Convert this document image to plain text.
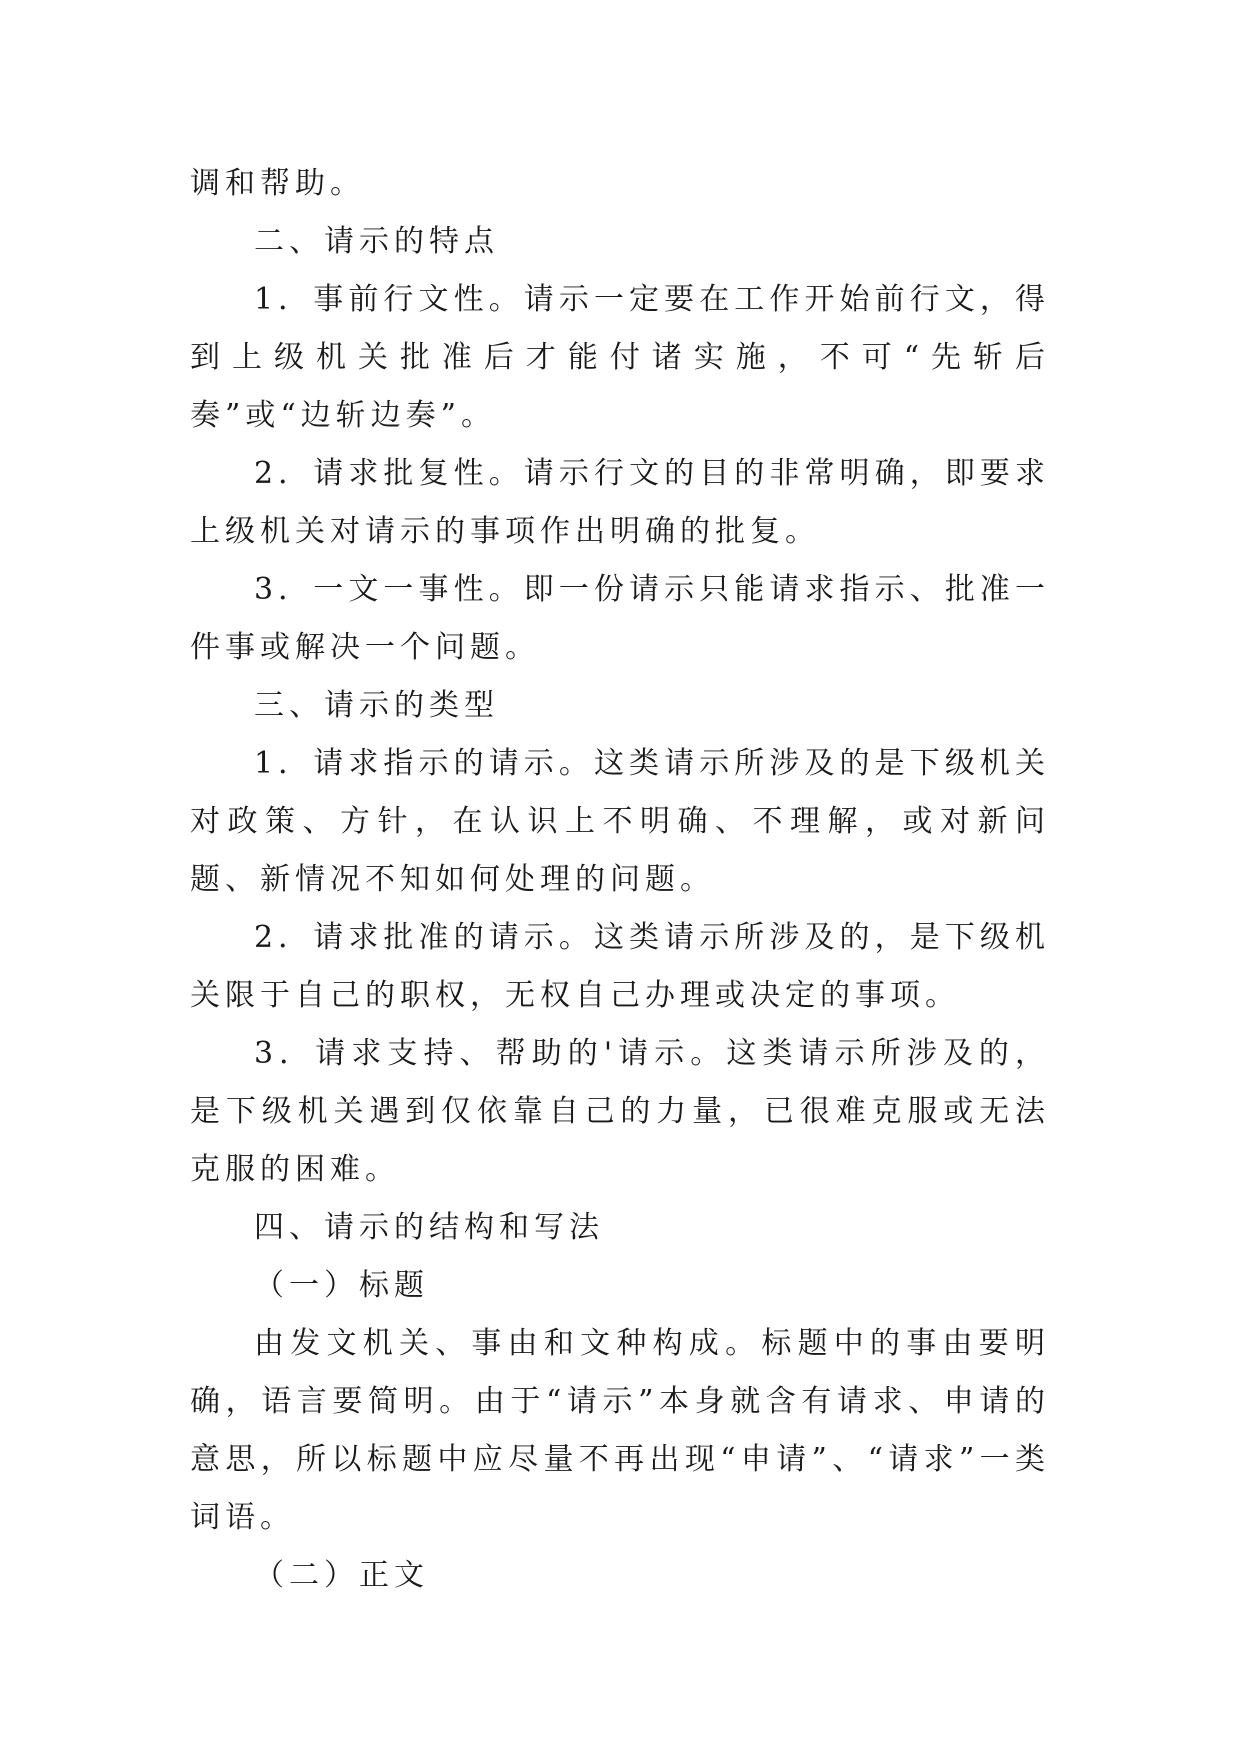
调和帮助。

二、请示的特点

1．事前行文性。请示一定要在工作开始前行文，得到上级机关批准后才能付诸实施，不可“先斩后奏”或“边斩边奏”。

2．请求批复性。请示行文的目的非常明确，即要求上级机关对请示的事项作出明确的批复。

3．一文一事性。即一份请示只能请求指示、批准一件事或解决一个问题。

三、请示的类型

1．请求指示的请示。这类请示所涉及的是下级机关对政策、方针，在认识上不明确、不理解，或对新问题、新情况不知如何处理的问题。

2．请求批准的请示。这类请示所涉及的，是下级机关限于自己的职权，无权自己办理或决定的事项。

3．请求支持、帮助的'请示。这类请示所涉及的，是下级机关遇到仅依靠自己的力量，已很难克服或无法克服的困难。

四、请示的结构和写法

（一）标题

由发文机关、事由和文种构成。标题中的事由要明确，语言要简明。由于“请示”本身就含有请求、申请的意思，所以标题中应尽量不再出现“申请”、“请求”一类词语。

（二）正文
